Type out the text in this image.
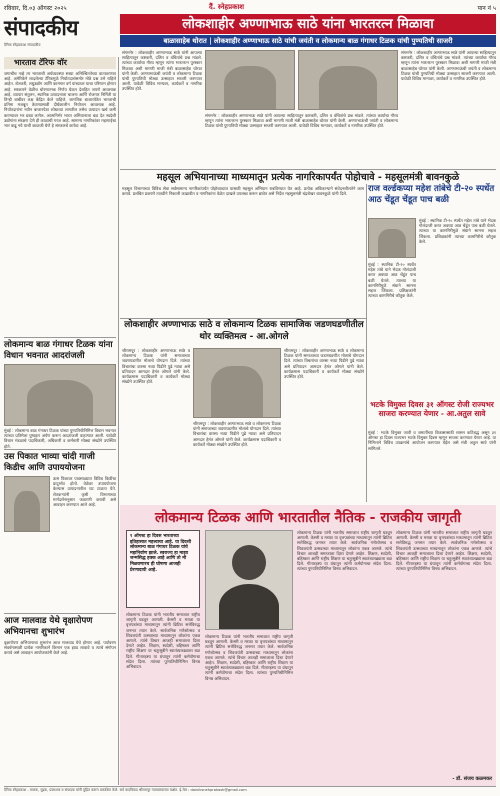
रविवार, दि.०३ ऑगस्ट २०२५	दैं. स्नेहप्रकाश	पान नं ५
संपादकीय
दैनिक स्नेहप्रकाश संपादकीय
लोकशाहीर अण्णाभाऊ साठे यांना भारतरत्न मिळावा
बाळासाहेब थोरात | लोकशाहीर अण्णाभाऊ साठे यांची जयंती व लोकमान्य बाळ गंगाधर टिळक यांची पुण्यतिथी साजरी
भारताव टॅरिफ वॉर
जगाचीच नव्हे तर भारताची अर्थव्यवस्था सध्या अनिश्चिततेच्या वातावरणात आहे. अमेरिकेने लादलेल्या टॅरिफमुळे निर्यातदारांसमोर मोठे प्रश्न उभे राहिले आहेत. शेतकरी, लघुउद्योग आणि कामगार वर्ग यांच्यावर याचा परिणाम होणार आहे. सरकारने वेळीच धोरणात्मक निर्णय घेऊन देशहित जपणे आवश्यक आहे. व्यापार संतुलन, स्थानिक उत्पादनाला चालना आणि रोजगार निर्मिती या तिन्ही बाबींवर लक्ष केंद्रित केले पाहिजे. जागतिक बाजारपेठेत भारताची प्रतिमा मजबूत ठेवण्यासाठी दीर्घकालीन नियोजन आवश्यक आहे. निर्यातदारांना नवीन बाजारपेठा शोधाव्या लागतील तसेच उत्पादन खर्च कमी करण्यावर भर द्यावा लागेल. आत्मनिर्भर भारत अभियानाला बळ देत स्वदेशी उद्योगांना संरक्षण देणे ही काळाची गरज आहे. सामान्य नागरिकांवर महागाईचा भार वाढू नये याची काळजी घेणे हे सरकारचे कर्तव्य आहे.
लोकमान्य बाळ गंगाधर टिळक यांना विधान भवनात आदरांजली
मुंबई : लोकमान्य बाळ गंगाधर टिळक यांच्या पुण्यतिथीनिमित्त विधान भवनात त्यांच्या प्रतिमेला पुष्पहार अर्पण करून आदरांजली वाहण्यात आली. यावेळी विधान मंडळाचे पदाधिकारी, अधिकारी व कर्मचारी मोठ्या संख्येने उपस्थित होते.
उस पिकात भाव्या चांदी गाजी किडीच आणि उपाययोजना
ऊस पिकावर पावसाळ्यात विविध किडींचा प्रादुर्भाव होतो. वेळेवर उपाययोजना केल्यास उत्पादनातील घट टाळता येते. शेतकऱ्यांनी कृषी विभागाच्या मार्गदर्शनानुसार फवारणी करावी असे आवाहन करण्यात आले आहे.
आज मालवाड येथे वृक्षारोपण अभियानचा शुभारंभ
वृक्षारोपण अभियानाचा शुभारंभ आज मालवाड येथे होणार आहे. पर्यावरण संवर्धनासाठी प्रत्येक नागरिकाने किमान एक झाड लावावे व त्याचे संगोपन करावे असे आवाहन आयोजकांनी केले आहे.
संगमनेर : लोकशाहीर अण्णाभाऊ साठे यांनी आपल्या साहित्यातून कष्टकरी, दलित व वंचितांचे प्रश्न मांडले. त्यांच्या कार्याचा गौरव म्हणून त्यांना भारतरत्न पुरस्कार मिळावा अशी मागणी माजी मंत्री बाळासाहेब थोरात यांनी केली. अण्णाभाऊंची जयंती व लोकमान्य टिळक यांची पुण्यतिथी मोठ्या उत्साहात साजरी करण्यात आली. यावेळी विविध मान्यवर, कार्यकर्ते व नागरिक उपस्थित होते.
संगमनेर : लोकशाहीर अण्णाभाऊ साठे यांनी आपल्या साहित्यातून कष्टकरी, दलित व वंचितांचे प्रश्न मांडले. त्यांच्या कार्याचा गौरव म्हणून त्यांना भारतरत्न पुरस्कार मिळावा अशी मागणी माजी मंत्री बाळासाहेब थोरात यांनी केली. अण्णाभाऊंची जयंती व लोकमान्य टिळक यांची पुण्यतिथी मोठ्या उत्साहात साजरी करण्यात आली. यावेळी विविध मान्यवर, कार्यकर्ते व नागरिक उपस्थित होते.
संगमनेर : लोकशाहीर अण्णाभाऊ साठे यांनी आपल्या साहित्यातून कष्टकरी, दलित व वंचितांचे प्रश्न मांडले. त्यांच्या कार्याचा गौरव म्हणून त्यांना भारतरत्न पुरस्कार मिळावा अशी मागणी माजी मंत्री बाळासाहेब थोरात यांनी केली. अण्णाभाऊंची जयंती व लोकमान्य टिळक यांची पुण्यतिथी मोठ्या उत्साहात साजरी करण्यात आली. यावेळी विविध मान्यवर, कार्यकर्ते व नागरिक उपस्थित होते.
महसूल अभियानाच्या माध्यमातून प्रत्येक नागरिकापर्यंत पोहोचावे - महसूलमंत्री बावनकुळे
महसूल विभागाच्या विविध सेवा सर्वसामान्य नागरिकांपर्यंत पोहोचाव्यात यासाठी महसूल अभियान राबविण्यात येत आहे. प्रत्येक अधिकाऱ्याने संवेदनशीलतेने काम करावे. प्रलंबित प्रकरणे तातडीने निकाली काढावीत व नागरिकांना वेळेत दाखले उपलब्ध करून द्यावेत असे निर्देश महसूलमंत्री चंद्रशेखर बावनकुळे यांनी दिले.	राज वर्ल्डकप्या महेश तांबेचे टी-२० स्पर्धेत आठ चेंडूत चेंडूत पाच बळी
मुंबई : स्थानिक टी-२० स्पर्धेत महेश तांबे याने भेदक गोलंदाजी करत अवघ्या आठ चेंडूंत पाच बळी घेतले. त्याच्या या कामगिरीमुळे संघाने सामना सहज जिंकला. प्रशिक्षकांनी त्याच्या कामगिरीचे कौतुक केले.
मुंबई : स्थानिक टी-२० स्पर्धेत महेश तांबे याने भेदक गोलंदाजी करत अवघ्या आठ चेंडूंत पाच बळी घेतले. त्याच्या या कामगिरीमुळे संघाने सामना सहज जिंकला. प्रशिक्षकांनी त्याच्या कामगिरीचे कौतुक केले.
लोकशाहीर अण्णाभाऊ साठे व लोकमान्य टिळक सामाजिक जडणघडणीतील थोर व्यक्तिमत्व - आ.ओगले
श्रीरामपूर : लोकशाहीर अण्णाभाऊ साठे व लोकमान्य टिळक यांनी समाजाच्या जडणघडणीत मोलाचे योगदान दिले. त्यांच्या विचारांचा वारसा नव्या पिढीने पुढे न्यावा असे प्रतिपादन आमदार हेमंत ओगले यांनी केले. कार्यक्रमास पदाधिकारी व कार्यकर्ते मोठ्या संख्येने उपस्थित होते.
श्रीरामपूर : लोकशाहीर अण्णाभाऊ साठे व लोकमान्य टिळक यांनी समाजाच्या जडणघडणीत मोलाचे योगदान दिले. त्यांच्या विचारांचा वारसा नव्या पिढीने पुढे न्यावा असे प्रतिपादन आमदार हेमंत ओगले यांनी केले. कार्यक्रमास पदाधिकारी व कार्यकर्ते मोठ्या संख्येने उपस्थित होते.
श्रीरामपूर : लोकशाहीर अण्णाभाऊ साठे व लोकमान्य टिळक यांनी समाजाच्या जडणघडणीत मोलाचे योगदान दिले. त्यांच्या विचारांचा वारसा नव्या पिढीने पुढे न्यावा असे प्रतिपादन आमदार हेमंत ओगले यांनी केले. कार्यक्रमास पदाधिकारी व कार्यकर्ते मोठ्या संख्येने उपस्थित होते.
भटके विमुक्त दिवस ३१ ऑगस्ट रोजी राज्यभर साजरा करण्यात येणार - आ.अतुल सावे
मुंबई : भटके विमुक्त जाती व जमातींच्या विकासासाठी शासन कटिबद्ध असून ३१ ऑगस्ट हा दिवस राज्यभर भटके विमुक्त दिवस म्हणून साजरा करण्यात येणार आहे. या निमित्ताने विविध उपक्रमांचे आयोजन करण्यात येईल असे मंत्री अतुल सावे यांनी सांगितले.
लोकमान्य टिळक आणि भारतातील नैतिक - राजकीय जागृती
१ ऑगस्ट हा दिवस भारताच्या इतिहासात महत्त्वाचा आहे. या दिवशी लोकमान्य बाळ गंगाधर टिळक यांचे महानिर्वाण झाले. स्वराज्य हा माझा जन्मसिद्ध हक्क आहे आणि तो मी मिळवणारच ही घोषणा आजही प्रेरणादायी आहे.
लोकमान्य टिळक यांनी भारतीय समाजात राष्ट्रीय जागृती घडवून आणली. केसरी व मराठा या वृत्तपत्रांच्या माध्यमातून त्यांनी ब्रिटिश सत्तेविरुद्ध जनमत तयार केले. सार्वजनिक गणेशोत्सव व शिवजयंती उत्सवाच्या माध्यमातून लोकांना एकत्र आणले. त्यांचे विचार आजही समाजाला दिशा देणारे आहेत. शिक्षण, स्वदेशी, बहिष्कार आणि राष्ट्रीय शिक्षण या चतुःसूत्रीने स्वातंत्र्यलढ्याला बळ दिले. गीतारहस्य या ग्रंथातून त्यांनी कर्मयोगाचा संदेश दिला. त्यांच्या पुण्यतिथीनिमित्त विनम्र अभिवादन.
लोकमान्य टिळक यांनी भारतीय समाजात राष्ट्रीय जागृती घडवून आणली. केसरी व मराठा या वृत्तपत्रांच्या माध्यमातून त्यांनी ब्रिटिश सत्तेविरुद्ध जनमत तयार केले. सार्वजनिक गणेशोत्सव व शिवजयंती उत्सवाच्या माध्यमातून लोकांना एकत्र आणले. त्यांचे विचार आजही समाजाला दिशा देणारे आहेत. शिक्षण, स्वदेशी, बहिष्कार आणि राष्ट्रीय शिक्षण या चतुःसूत्रीने स्वातंत्र्यलढ्याला बळ दिले. गीतारहस्य या ग्रंथातून त्यांनी कर्मयोगाचा संदेश दिला. त्यांच्या पुण्यतिथीनिमित्त विनम्र अभिवादन.
लोकमान्य टिळक यांनी भारतीय समाजात राष्ट्रीय जागृती घडवून आणली. केसरी व मराठा या वृत्तपत्रांच्या माध्यमातून त्यांनी ब्रिटिश सत्तेविरुद्ध जनमत तयार केले. सार्वजनिक गणेशोत्सव व शिवजयंती उत्सवाच्या माध्यमातून लोकांना एकत्र आणले. त्यांचे विचार आजही समाजाला दिशा देणारे आहेत. शिक्षण, स्वदेशी, बहिष्कार आणि राष्ट्रीय शिक्षण या चतुःसूत्रीने स्वातंत्र्यलढ्याला बळ दिले. गीतारहस्य या ग्रंथातून त्यांनी कर्मयोगाचा संदेश दिला. त्यांच्या पुण्यतिथीनिमित्त विनम्र अभिवादन.
लोकमान्य टिळक यांनी भारतीय समाजात राष्ट्रीय जागृती घडवून आणली. केसरी व मराठा या वृत्तपत्रांच्या माध्यमातून त्यांनी ब्रिटिश सत्तेविरुद्ध जनमत तयार केले. सार्वजनिक गणेशोत्सव व शिवजयंती उत्सवाच्या माध्यमातून लोकांना एकत्र आणले. त्यांचे विचार आजही समाजाला दिशा देणारे आहेत. शिक्षण, स्वदेशी, बहिष्कार आणि राष्ट्रीय शिक्षण या चतुःसूत्रीने स्वातंत्र्यलढ्याला बळ दिले. गीतारहस्य या ग्रंथातून त्यांनी कर्मयोगाचा संदेश दिला. त्यांच्या पुण्यतिथीनिमित्त विनम्र अभिवादन.
- डॉ. संजय कळमकर
दैनिक स्नेहप्रकाश - मालक, मुद्रक, प्रकाशक व संपादक यांनी मुद्रित करून प्रकाशित केले. सर्व वादविवाद श्रीरामपूर न्यायालयाच्या कक्षेत. ई-मेल : dainiksnehprakash@gmail.com
